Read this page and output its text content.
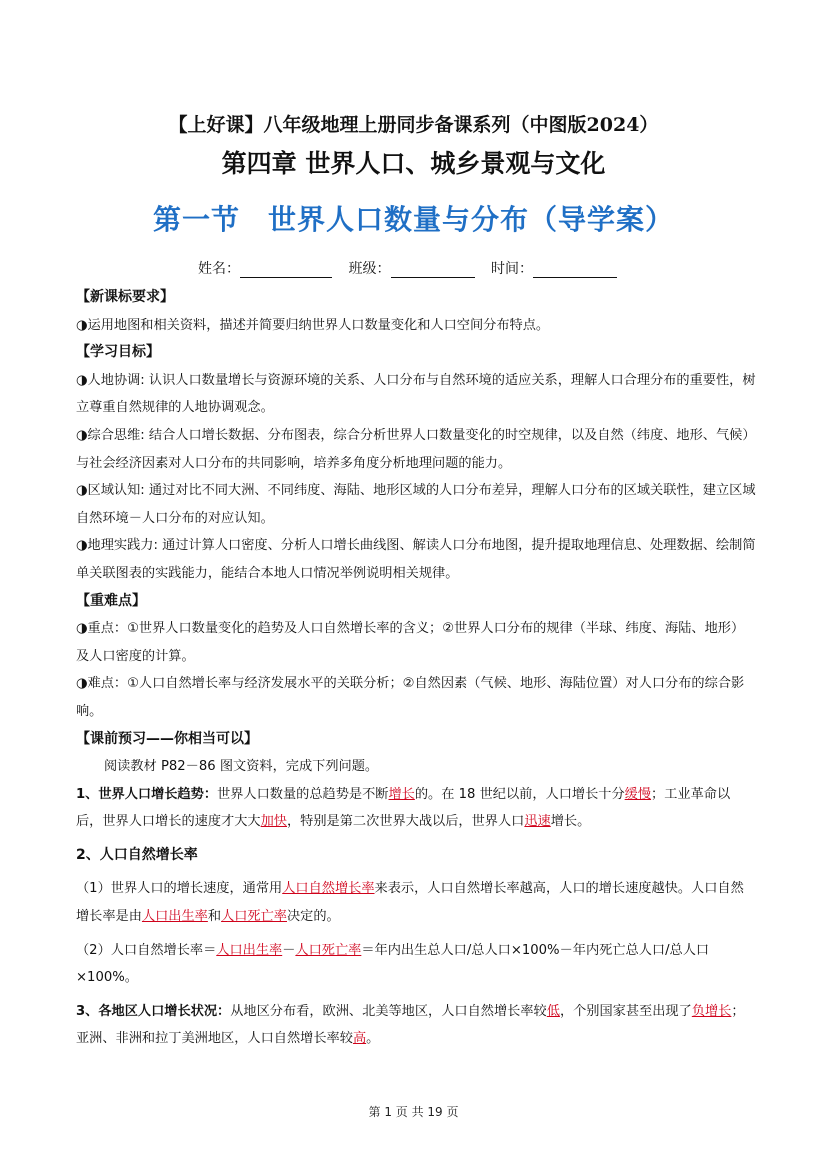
【上好课】八年级地理上册同步备课系列（中图版2024）
第四章 世界人口、城乡景观与文化
第一节 世界人口数量与分布（导学案）
姓名：	班级：	时间：

【新课标要求】

◑运用地图和相关资料，描述并简要归纳世界人口数量变化和人口空间分布特点。

【学习目标】

◑人地协调: 认识人口数量增长与资源环境的关系、人口分布与自然环境的适应关系，理解人口合理分布的重要性，树立尊重自然规律的人地协调观念。

◑综合思维: 结合人口增长数据、分布图表，综合分析世界人口数量变化的时空规律，以及自然（纬度、地形、气候）与社会经济因素对人口分布的共同影响，培养多角度分析地理问题的能力。

◑区域认知: 通过对比不同大洲、不同纬度、海陆、地形区域的人口分布差异，理解人口分布的区域关联性，建立区域自然环境－人口分布的对应认知。

◑地理实践力: 通过计算人口密度、分析人口增长曲线图、解读人口分布地图，提升提取地理信息、处理数据、绘制简单关联图表的实践能力，能结合本地人口情况举例说明相关规律。

【重难点】

◑重点：①世界人口数量变化的趋势及人口自然增长率的含义；②世界人口分布的规律（半球、纬度、海陆、地形）及人口密度的计算。

◑难点：①人口自然增长率与经济发展水平的关联分析；②自然因素（气候、地形、海陆位置）对人口分布的综合影响。

【课前预习——你相当可以】

阅读教材 P82－86 图文资料，完成下列问题。

1、世界人口增长趋势：世界人口数量的总趋势是不断增长的。在 18 世纪以前，人口增长十分缓慢；工业革命以后，世界人口增长的速度才大大加快，特别是第二次世界大战以后，世界人口迅速增长。

2、人口自然增长率

（1）世界人口的增长速度，通常用人口自然增长率来表示，人口自然增长率越高，人口的增长速度越快。人口自然增长率是由人口出生率和人口死亡率决定的。

（2）人口自然增长率＝人口出生率－人口死亡率＝年内出生总人口/总人口×100%－年内死亡总人口/总人口×100%。

3、各地区人口增长状况：从地区分布看，欧洲、北美等地区，人口自然增长率较低，个别国家甚至出现了负增长；亚洲、非洲和拉丁美洲地区，人口自然增长率较高。

第 1 页 共 19 页
